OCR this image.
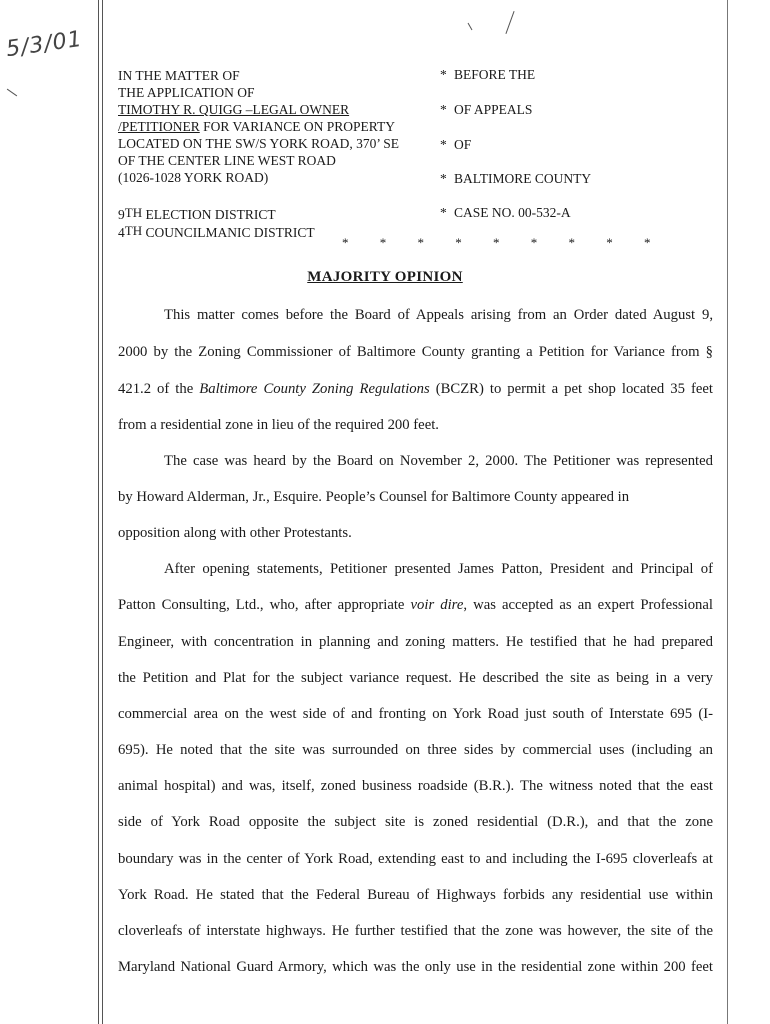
5/3/01
IN THE MATTER OF
THE APPLICATION OF
TIMOTHY R. QUIGG –LEGAL OWNER
/PETITIONER FOR VARIANCE ON PROPERTY
LOCATED ON THE SW/S YORK ROAD, 370’ SE
OF THE CENTER LINE WEST ROAD
(1026-1028 YORK ROAD)
* BEFORE THE
* OF APPEALS
* OF
* BALTIMORE COUNTY
* CASE NO. 00-532-A
9TH ELECTION DISTRICT
4TH COUNCILMANIC DISTRICT
* * * * * * * * *
MAJORITY OPINION
This matter comes before the Board of Appeals arising from an Order dated August 9,
2000 by the Zoning Commissioner of Baltimore County granting a Petition for Variance from §
421.2 of the Baltimore County Zoning Regulations (BCZR) to permit a pet shop located 35 feet
from a residential zone in lieu of the required 200 feet.
The case was heard by the Board on November 2, 2000. The Petitioner was represented
by Howard Alderman, Jr., Esquire. People’s Counsel for Baltimore County appeared in
opposition along with other Protestants.
After opening statements, Petitioner presented James Patton, President and Principal of
Patton Consulting, Ltd., who, after appropriate voir dire, was accepted as an expert Professional
Engineer, with concentration in planning and zoning matters. He testified that he had prepared
the Petition and Plat for the subject variance request. He described the site as being in a very
commercial area on the west side of and fronting on York Road just south of Interstate 695 (I-
695). He noted that the site was surrounded on three sides by commercial uses (including an
animal hospital) and was, itself, zoned business roadside (B.R.). The witness noted that the east
side of York Road opposite the subject site is zoned residential (D.R.), and that the zone
boundary was in the center of York Road, extending east to and including the I-695 cloverleafs at
York Road. He stated that the Federal Bureau of Highways forbids any residential use within
cloverleafs of interstate highways. He further testified that the zone was however, the site of the
Maryland National Guard Armory, which was the only use in the residential zone within 200 feet
